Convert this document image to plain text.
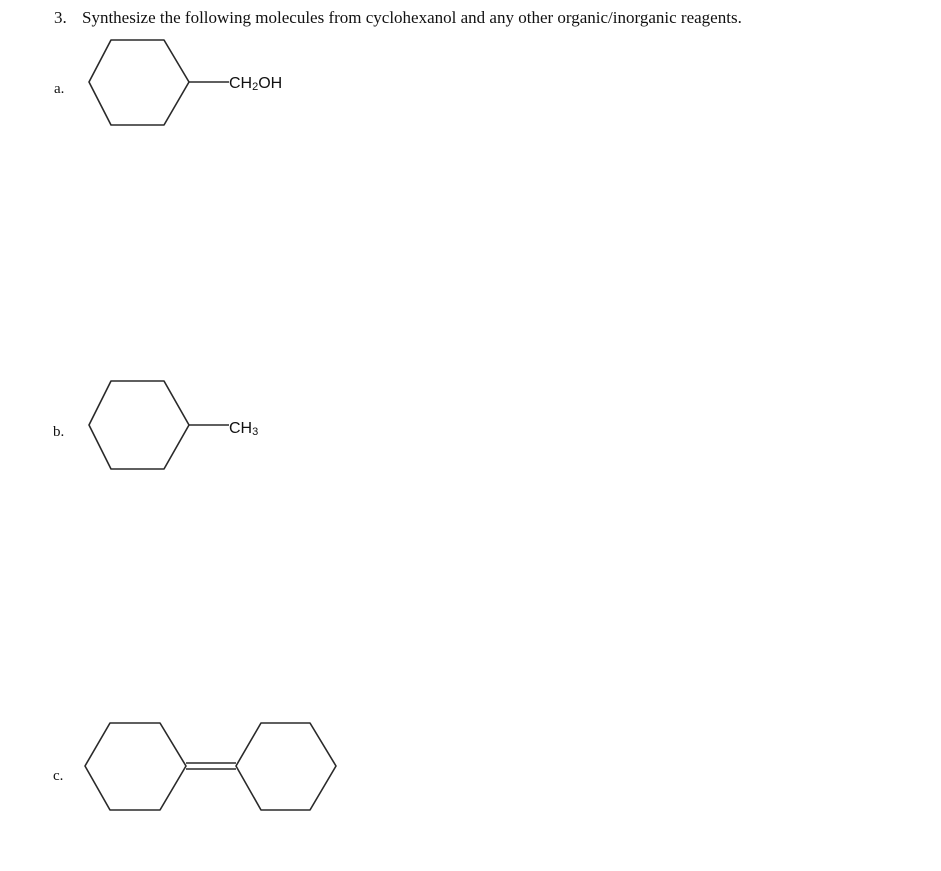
3. Synthesize the following molecules from cyclohexanol and any other organic/inorganic reagents.
a.	$CH_2OH$
b.	$CH_3$
c.
